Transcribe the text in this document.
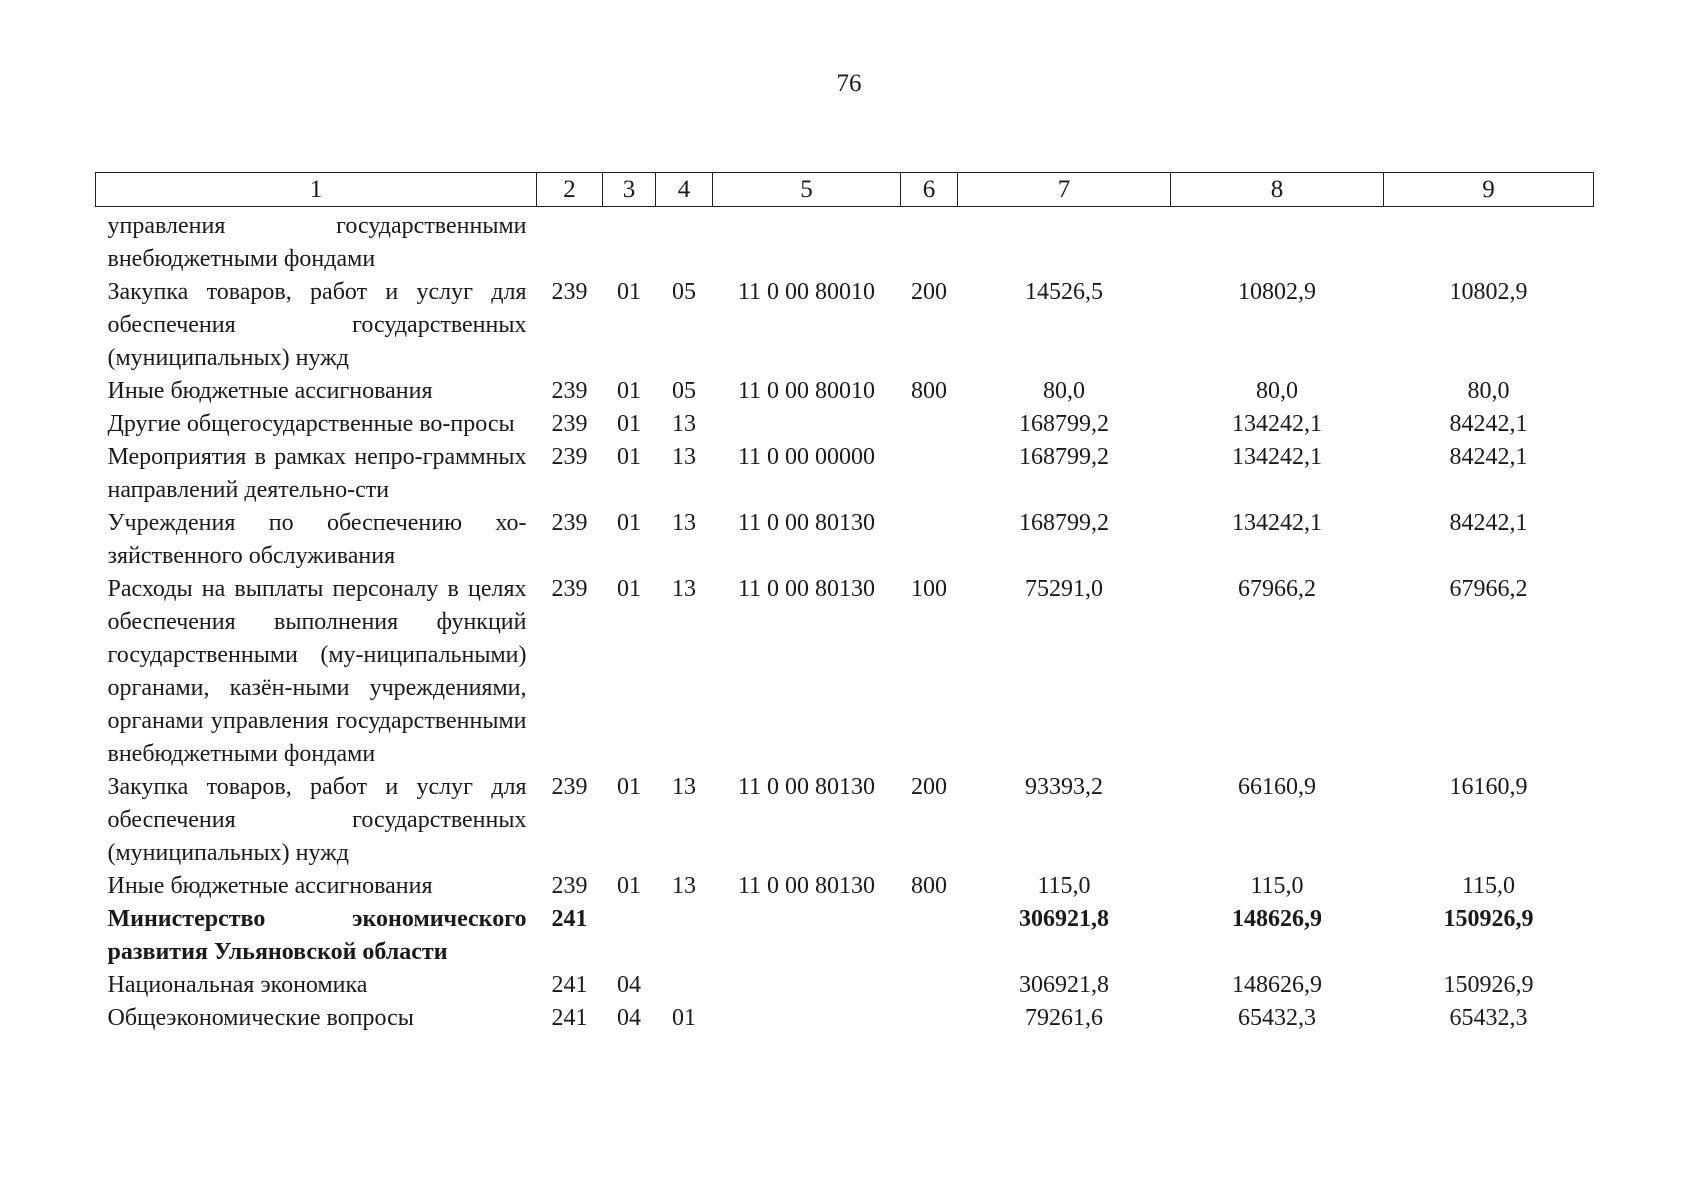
76
1	2	3	4	5	6	7	8	9
управления государственными внебюджетными фондами								
Закупка товаров, работ и услуг для обеспечения государственных (муниципальных) нужд	239	01	05	11 0 00 80010	200	14526,5	10802,9	10802,9
Иные бюджетные ассигнования	239	01	05	11 0 00 80010	800	80,0	80,0	80,0
Другие общегосударственные во-просы	239	01	13			168799,2	134242,1	84242,1
Мероприятия в рамках непро-граммных направлений деятельно-сти	239	01	13	11 0 00 00000		168799,2	134242,1	84242,1
Учреждения по обеспечению хо-зяйственного обслуживания	239	01	13	11 0 00 80130		168799,2	134242,1	84242,1
Расходы на выплаты персоналу в целях обеспечения выполнения функций государственными (му-ниципальными) органами, казён-ными учреждениями, органами управления государственными внебюджетными фондами	239	01	13	11 0 00 80130	100	75291,0	67966,2	67966,2
Закупка товаров, работ и услуг для обеспечения государственных (муниципальных) нужд	239	01	13	11 0 00 80130	200	93393,2	66160,9	16160,9
Иные бюджетные ассигнования	239	01	13	11 0 00 80130	800	115,0	115,0	115,0
Министерство экономического развития Ульяновской области	241					306921,8	148626,9	150926,9
Национальная экономика	241	04				306921,8	148626,9	150926,9
Общеэкономические вопросы	241	04	01			79261,6	65432,3	65432,3
